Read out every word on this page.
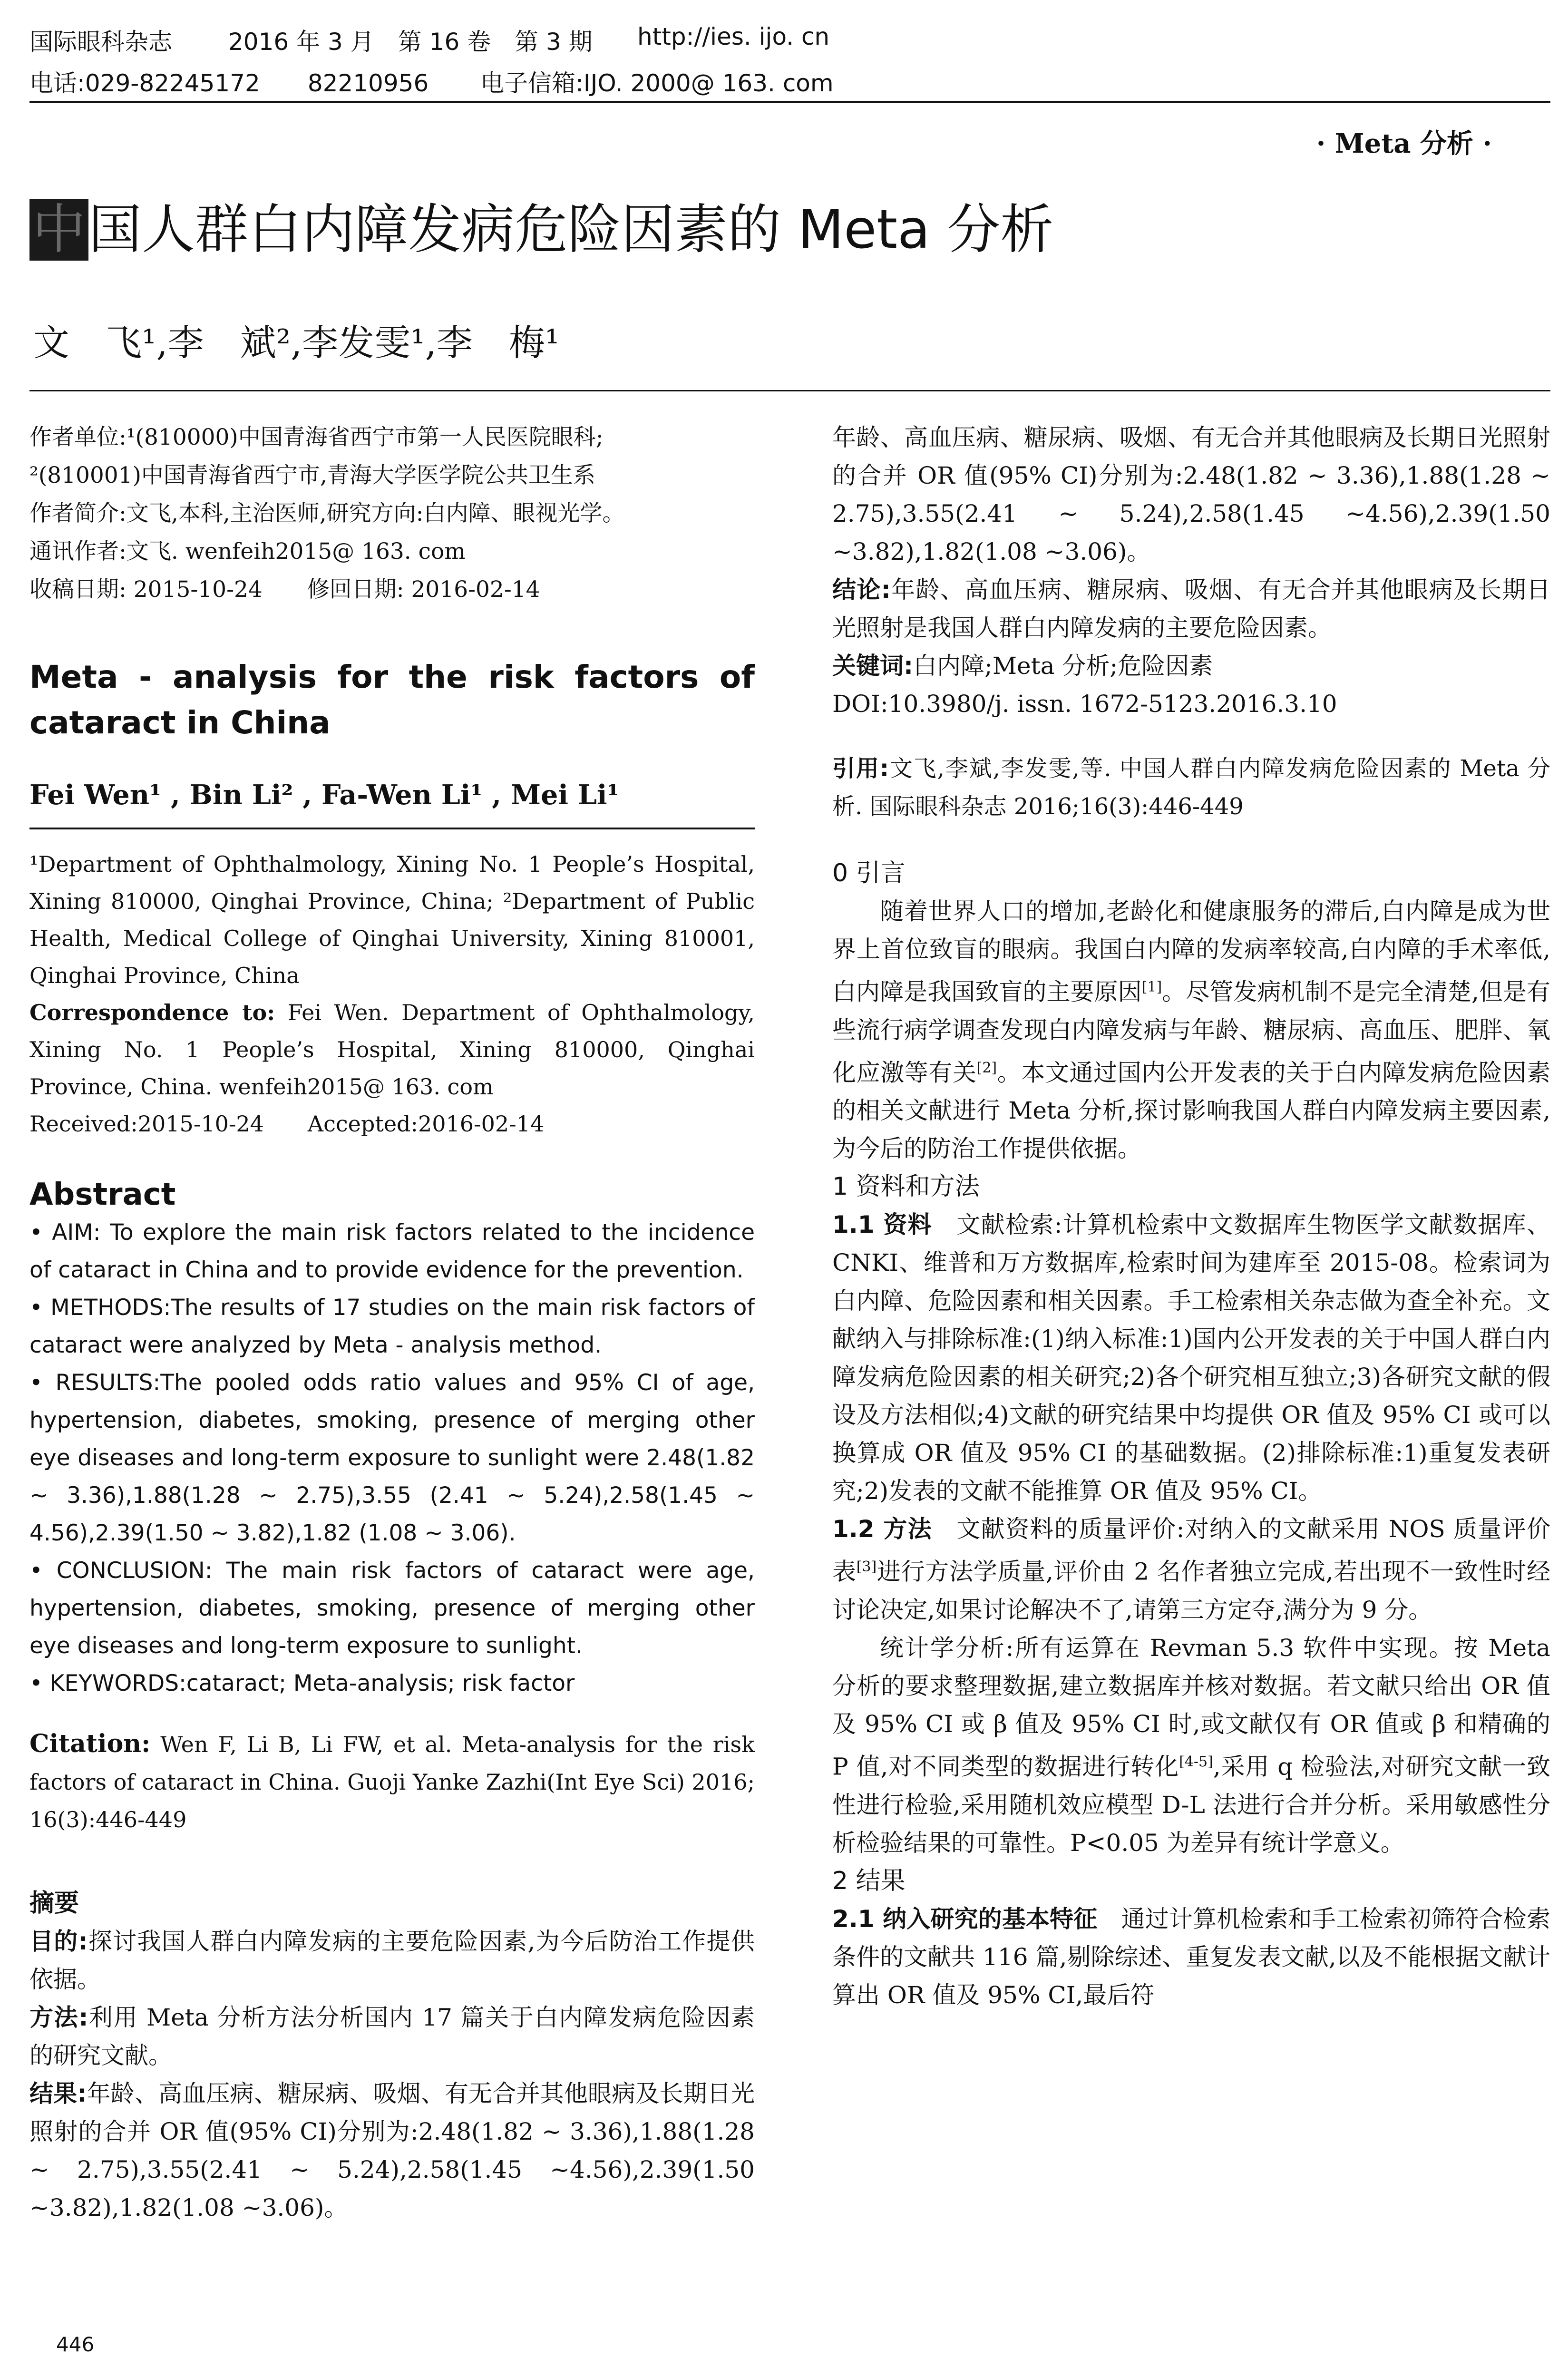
国际眼科杂志 2016 年 3 月　第 16 卷　第 3 期 http://ies. ijo. cn
电话:029-82245172　　82210956 电子信箱:IJO. 2000@ 163. com
· Meta 分析 ·
中国人群白内障发病危险因素的 Meta 分析
文　飞¹,李　斌²,李发雯¹,李　梅¹

作者单位:¹(810000)中国青海省西宁市第一人民医院眼科;

²(810001)中国青海省西宁市,青海大学医学院公共卫生系

作者简介:文飞,本科,主治医师,研究方向:白内障、眼视光学。

通讯作者:文飞. wenfeih2015@ 163. com

收稿日期: 2015-10-24　　修回日期: 2016-02-14

Meta - analysis for the risk factors of cataract in China
Fei Wen¹ , Bin Li² , Fa-Wen Li¹ , Mei Li¹

¹Department of Ophthalmology, Xining No. 1 People’s Hospital, Xining 810000, Qinghai Province, China; ²Department of Public Health, Medical College of Qinghai University, Xining 810001, Qinghai Province, China

Correspondence to: Fei Wen. Department of Ophthalmology, Xining No. 1 People’s Hospital, Xining 810000, Qinghai Province, China. wenfeih2015@ 163. com

Received:2015-10-24　　Accepted:2016-02-14

Abstract

• AIM: To explore the main risk factors related to the incidence of cataract in China and to provide evidence for the prevention.

• METHODS:The results of 17 studies on the main risk factors of cataract were analyzed by Meta - analysis method.

• RESULTS:The pooled odds ratio values and 95% CI of age, hypertension, diabetes, smoking, presence of merging other eye diseases and long-term exposure to sunlight were 2.48(1.82 ~ 3.36),1.88(1.28 ~ 2.75),3.55 (2.41 ~ 5.24),2.58(1.45 ~ 4.56),2.39(1.50 ~ 3.82),1.82 (1.08 ~ 3.06).

• CONCLUSION: The main risk factors of cataract were age, hypertension, diabetes, smoking, presence of merging other eye diseases and long-term exposure to sunlight.

• KEYWORDS:cataract; Meta-analysis; risk factor

Citation: Wen F, Li B, Li FW, et al. Meta-analysis for the risk factors of cataract in China. Guoji Yanke Zazhi(Int Eye Sci) 2016; 16(3):446-449
摘要

目的:探讨我国人群白内障发病的主要危险因素,为今后防治工作提供依据。

方法:利用 Meta 分析方法分析国内 17 篇关于白内障发病危险因素的研究文献。

结果:年龄、高血压病、糖尿病、吸烟、有无合并其他眼病及长期日光照射的合并 OR 值(95% CI)分别为:2.48(1.82 ~ 3.36),1.88(1.28 ~ 2.75),3.55(2.41 ~ 5.24),2.58(1.45 ~4.56),2.39(1.50 ~3.82),1.82(1.08 ~3.06)。

446

年龄、高血压病、糖尿病、吸烟、有无合并其他眼病及长期日光照射的合并 OR 值(95% CI)分别为:2.48(1.82 ~ 3.36),1.88(1.28 ~ 2.75),3.55(2.41 ~ 5.24),2.58(1.45 ~4.56),2.39(1.50 ~3.82),1.82(1.08 ~3.06)。

结论:年龄、高血压病、糖尿病、吸烟、有无合并其他眼病及长期日光照射是我国人群白内障发病的主要危险因素。

关键词:白内障;Meta 分析;危险因素

DOI:10.3980/j. issn. 1672-5123.2016.3.10

引用:文飞,李斌,李发雯,等. 中国人群白内障发病危险因素的 Meta 分析. 国际眼科杂志 2016;16(3):446-449
0 引言
随着世界人口的增加,老龄化和健康服务的滞后,白内障是成为世界上首位致盲的眼病。我国白内障的发病率较高,白内障的手术率低,白内障是我国致盲的主要原因[1]。尽管发病机制不是完全清楚,但是有些流行病学调查发现白内障发病与年龄、糖尿病、高血压、肥胖、氧化应激等有关[2]。本文通过国内公开发表的关于白内障发病危险因素的相关文献进行 Meta 分析,探讨影响我国人群白内障发病主要因素,为今后的防治工作提供依据。
1 资料和方法
1.1 资料　 文献检索:计算机检索中文数据库生物医学文献数据库、CNKI、维普和万方数据库,检索时间为建库至 2015-08。检索词为白内障、危险因素和相关因素。手工检索相关杂志做为查全补充。文献纳入与排除标准:(1)纳入标准:1)国内公开发表的关于中国人群白内障发病危险因素的相关研究;2)各个研究相互独立;3)各研究文献的假设及方法相似;4)文献的研究结果中均提供 OR 值及 95% CI 或可以换算成 OR 值及 95% CI 的基础数据。(2)排除标准:1)重复发表研究;2)发表的文献不能推算 OR 值及 95% CI。
1.2 方法　 文献资料的质量评价:对纳入的文献采用 NOS 质量评价表[3]进行方法学质量,评价由 2 名作者独立完成,若出现不一致性时经讨论决定,如果讨论解决不了,请第三方定夺,满分为 9 分。
统计学分析:所有运算在 Revman 5.3 软件中实现。按 Meta 分析的要求整理数据,建立数据库并核对数据。若文献只给出 OR 值及 95% CI 或 β 值及 95% CI 时,或文献仅有 OR 值或 β 和精确的 P 值,对不同类型的数据进行转化[4-5],采用 q 检验法,对研究文献一致性进行检验,采用随机效应模型 D-L 法进行合并分析。采用敏感性分析检验结果的可靠性。P<0.05 为差异有统计学意义。
2 结果
2.1 纳入研究的基本特征　 通过计算机检索和手工检索初筛符合检索条件的文献共 116 篇,剔除综述、重复发表文献,以及不能根据文献计算出 OR 值及 95% CI,最后符
